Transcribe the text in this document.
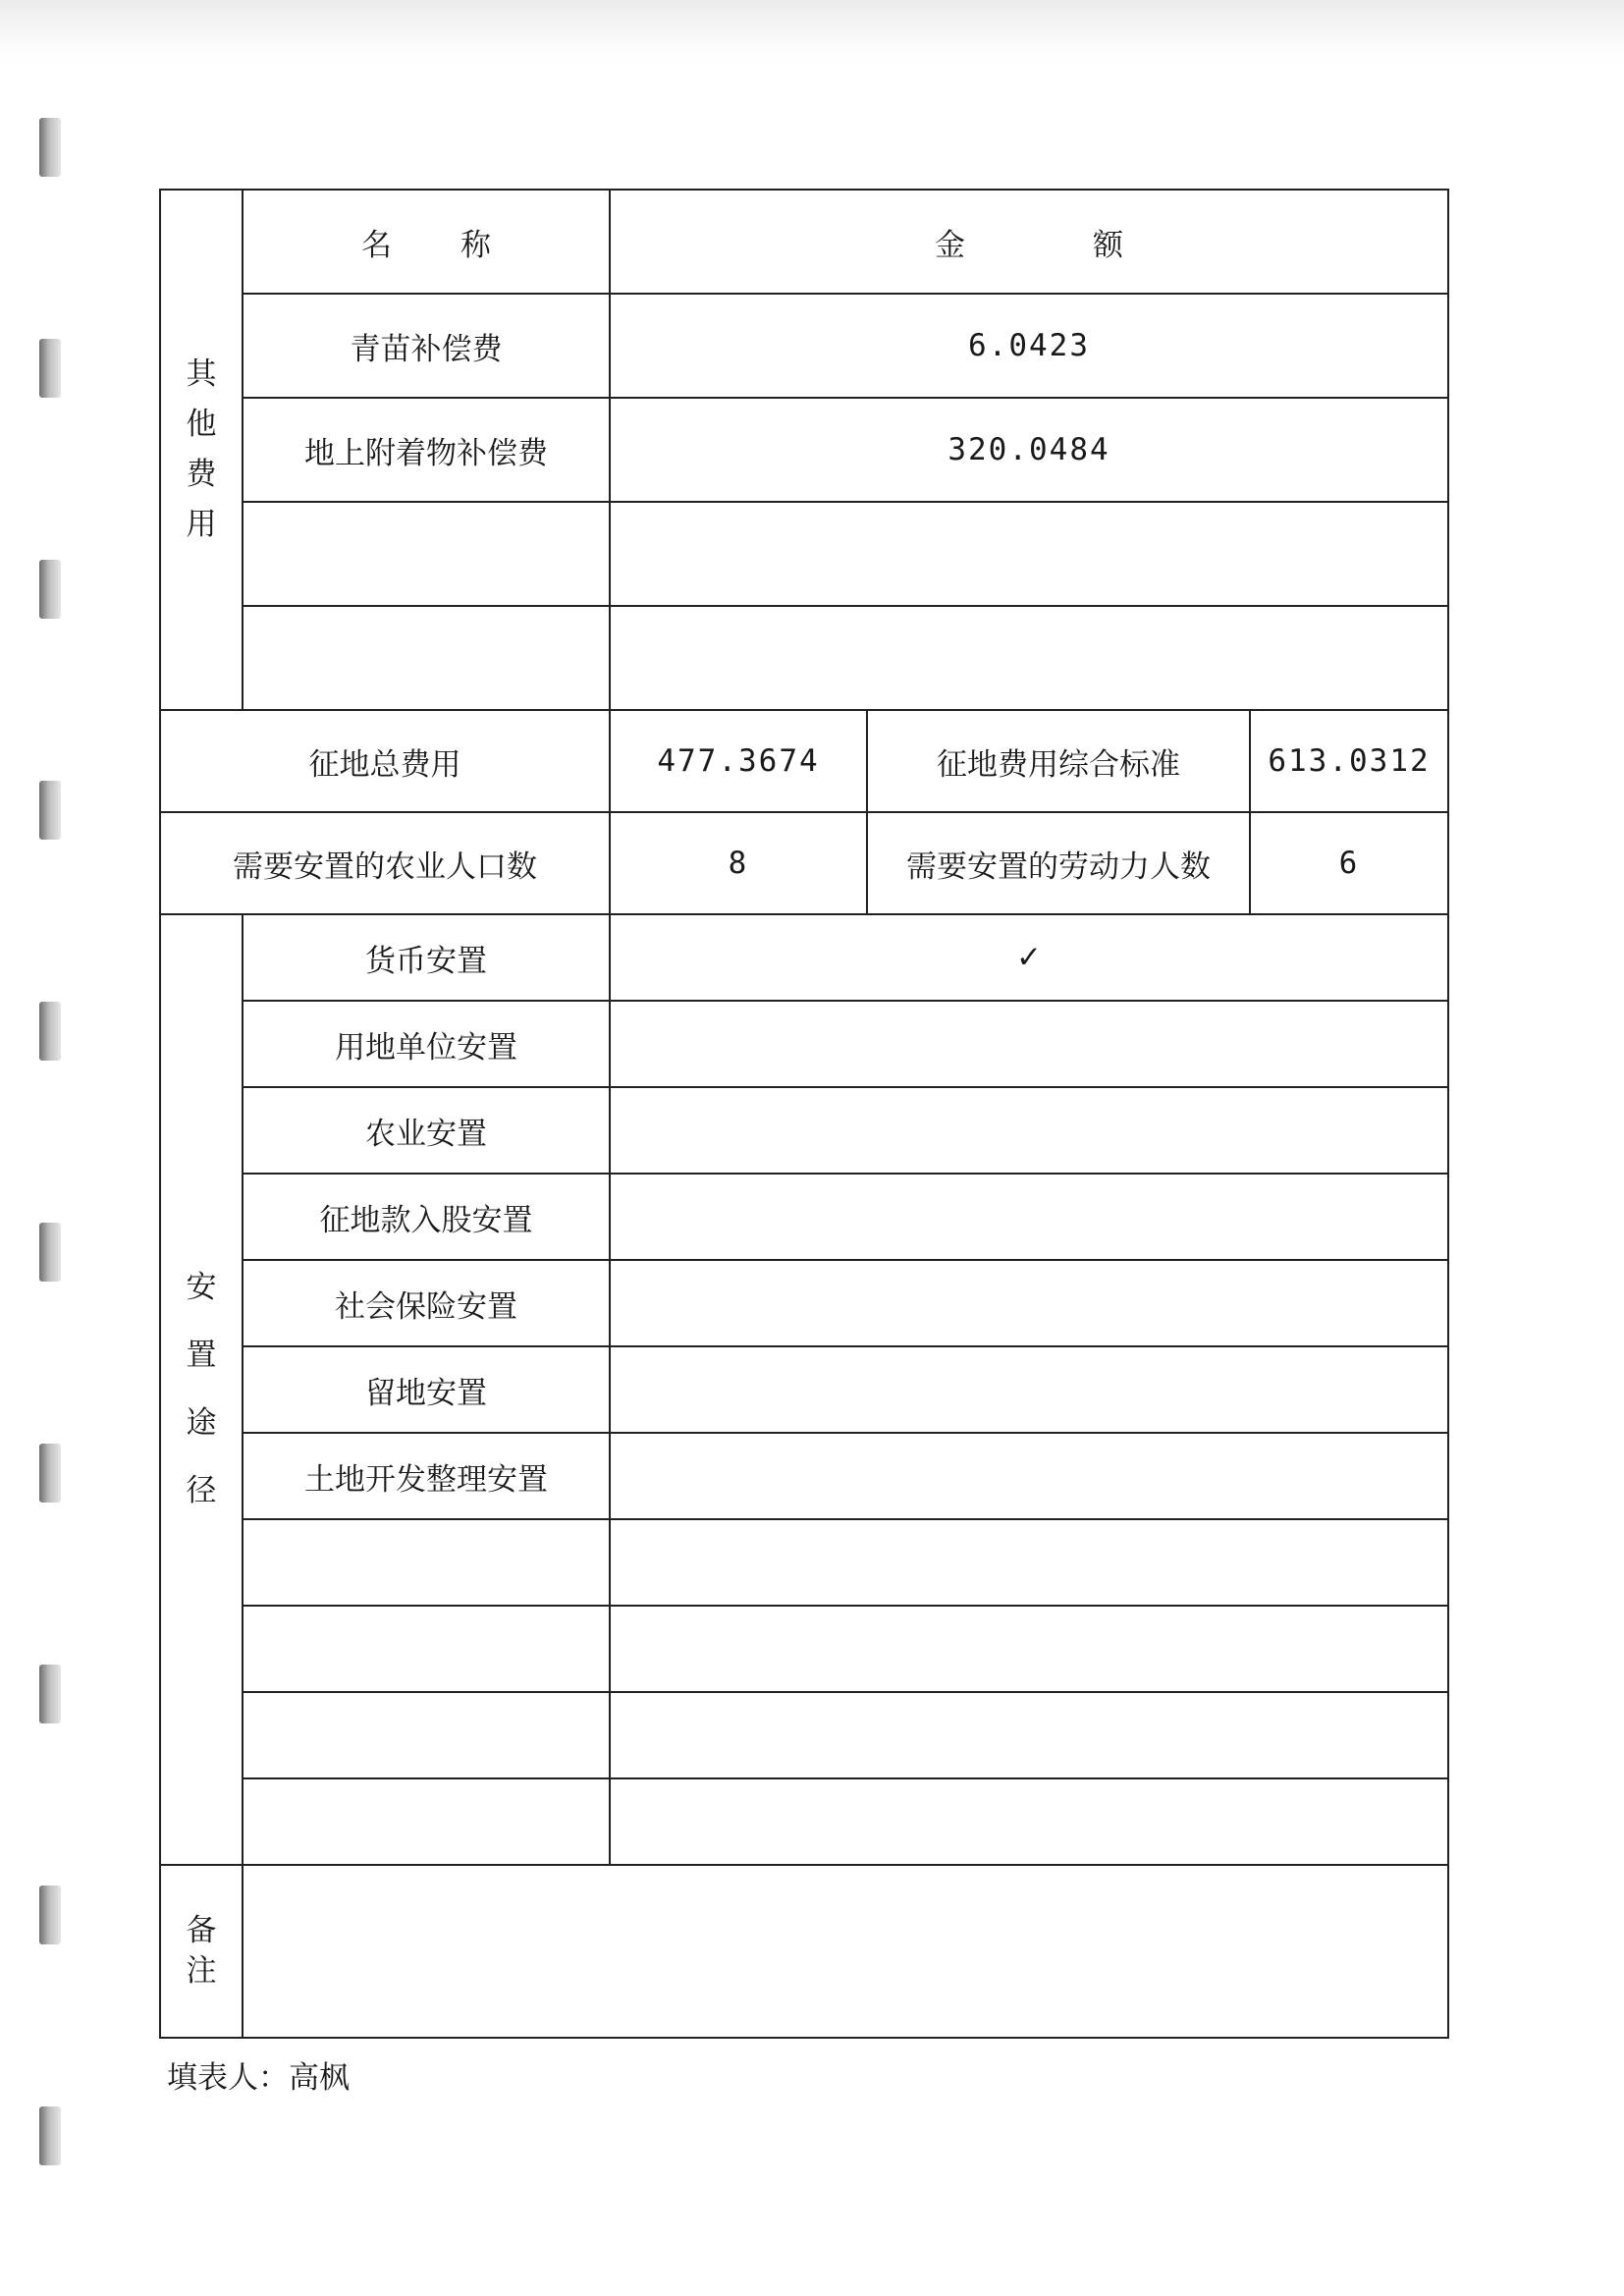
其
他
费
用	名称	金额		
	青苗补偿费	6.0423		
	地上附着物补偿费	320.0484		

征地总费用		477.3674	征地费用综合标准	613.0312
需要安置的农业人口数		8	需要安置的劳动力人数	6

安
置
途
径	货币安置	✓		
	用地单位安置			
	农业安置			
	征地款入股安置			
	社会保险安置			
	留地安置			
	土地开发整理安置			

备
注				

填表人：高枫
